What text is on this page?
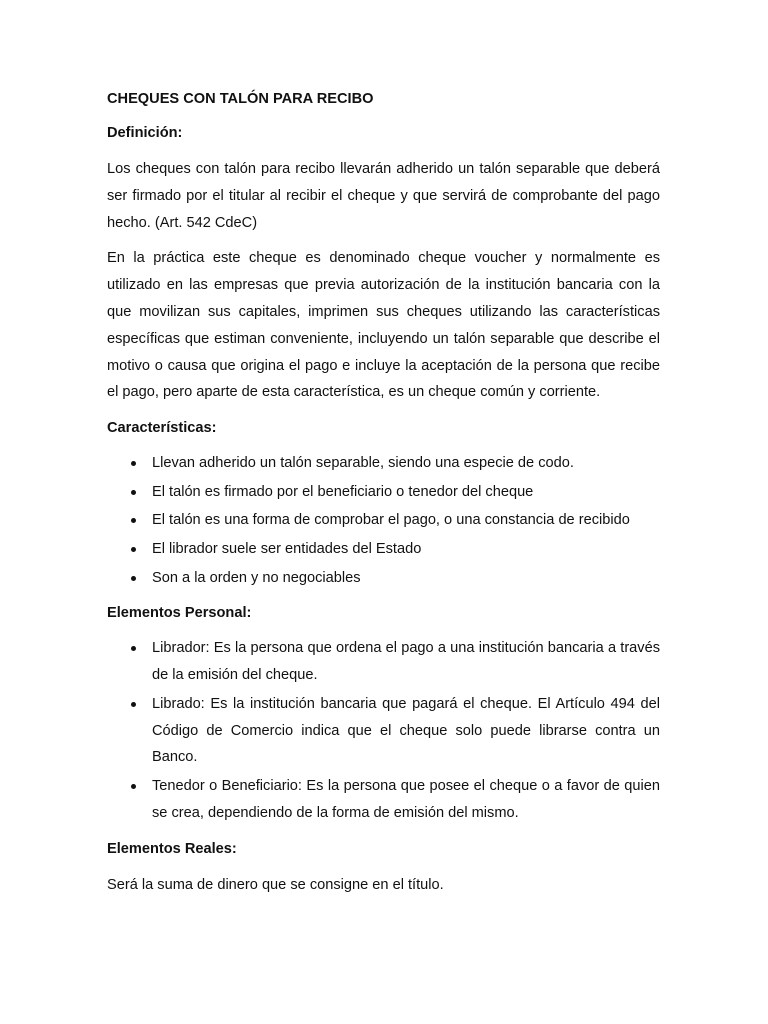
CHEQUES CON TALÓN PARA RECIBO

Definición:

Los cheques con talón para recibo llevarán adherido un talón separable que deberá ser firmado por el titular al recibir el cheque y que servirá de comprobante del pago hecho. (Art. 542 CdeC)

En la práctica este cheque es denominado cheque voucher y normalmente es utilizado en las empresas que previa autorización de la institución bancaria con la que movilizan sus capitales, imprimen sus cheques utilizando las características específicas que estiman conveniente, incluyendo un talón separable que describe el motivo o causa que origina el pago e incluye la aceptación de la persona que recibe el pago, pero aparte de esta característica, es un cheque común y corriente.

Características:

Llevan adherido un talón separable, siendo una especie de codo.
El talón es firmado por el beneficiario o tenedor del cheque
El talón es una forma de comprobar el pago, o una constancia de recibido
El librador suele ser entidades del Estado
Son a la orden y no negociables

Elementos Personal:

Librador: Es la persona que ordena el pago a una institución bancaria a través de la emisión del cheque.
Librado: Es la institución bancaria que pagará el cheque. El Artículo 494 del Código de Comercio indica que el cheque solo puede librarse contra un Banco.
Tenedor o Beneficiario: Es la persona que posee el cheque o a favor de quien se crea, dependiendo de la forma de emisión del mismo.

Elementos Reales:

Será la suma de dinero que se consigne en el título.
